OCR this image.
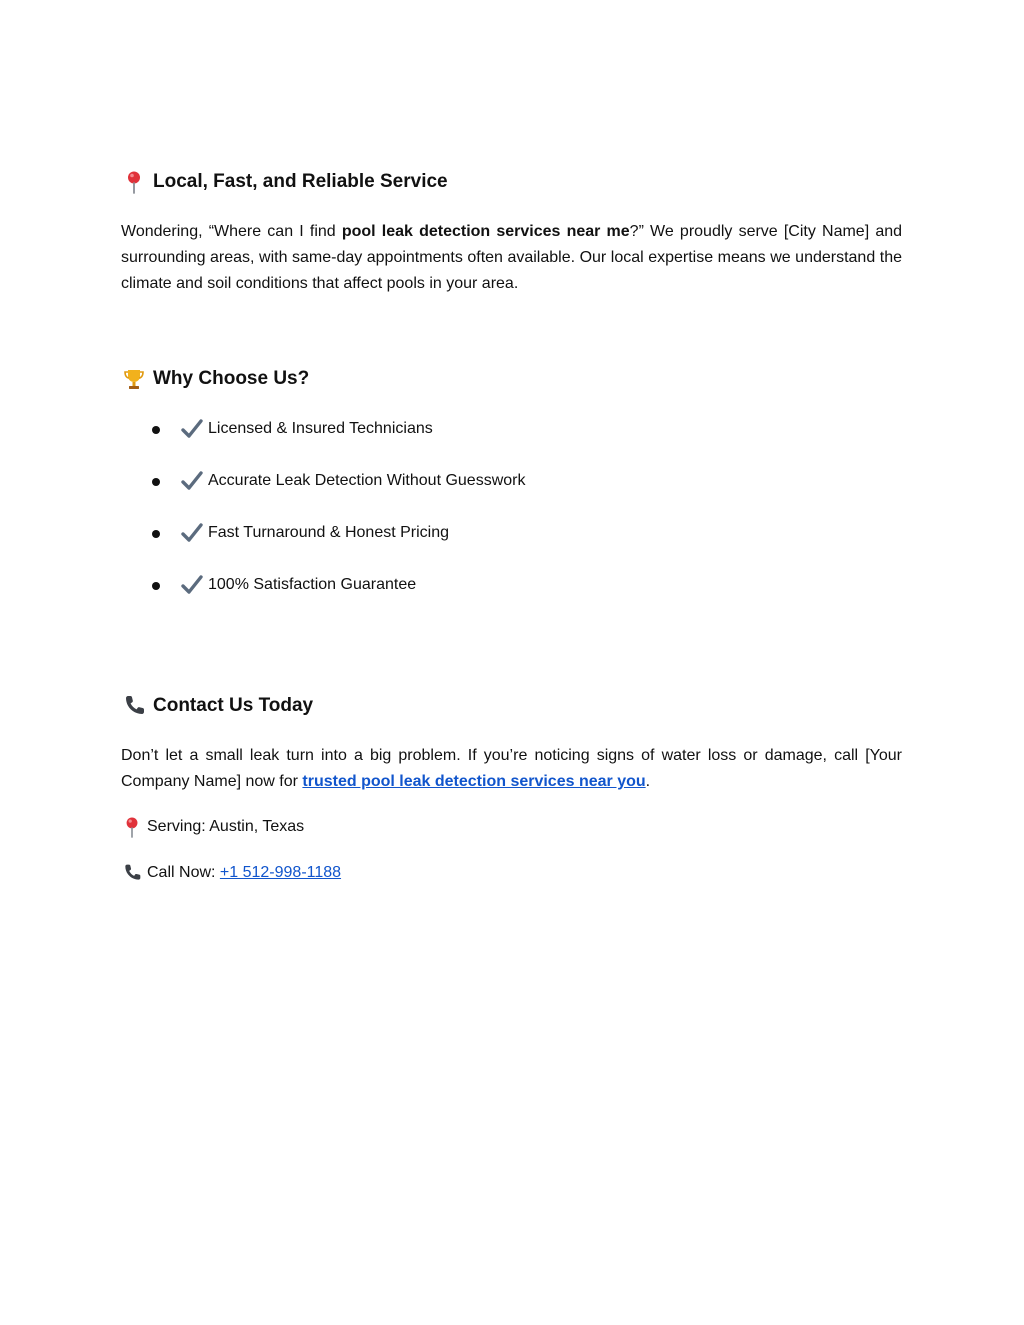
Local, Fast, and Reliable Service

Wondering, “Where can I find pool leak detection services near me?” We proudly serve [City Name] and surrounding areas, with same-day appointments often available. Our local expertise means we understand the climate and soil conditions that affect pools in your area.

Why Choose Us?
Licensed & Insured Technicians
Accurate Leak Detection Without Guesswork
Fast Turnaround & Honest Pricing
100% Satisfaction Guarantee
Contact Us Today

Don’t let a small leak turn into a big problem. If you’re noticing signs of water loss or damage, call [Your Company Name] now for trusted pool leak detection services near you.

Serving: Austin, Texas
Call Now: +1 512-998-1188
